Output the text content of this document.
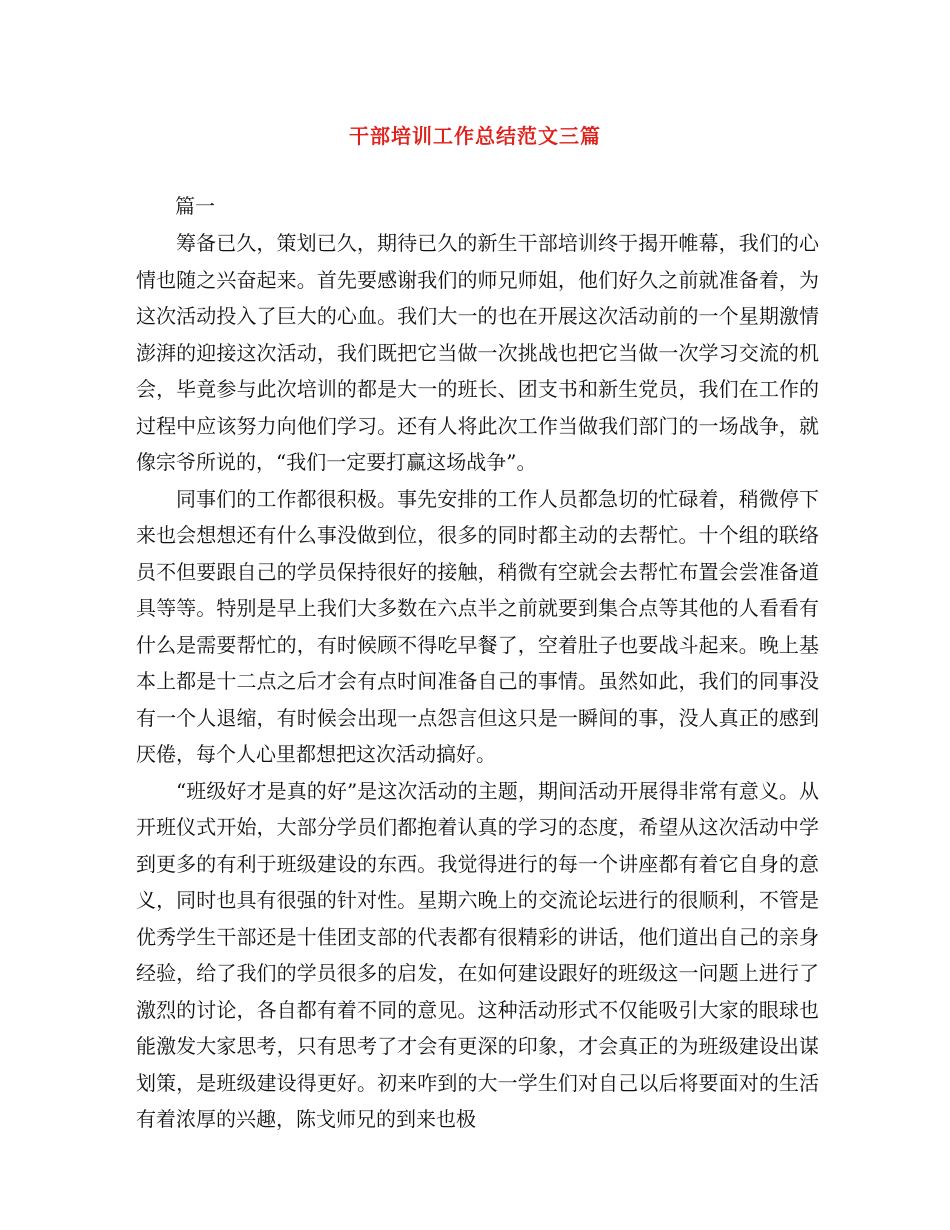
干部培训工作总结范文三篇
篇一

筹备已久，策划已久，期待已久的新生干部培训终于揭开帷幕，我们的心情也随之兴奋起来。首先要感谢我们的师兄师姐，他们好久之前就准备着，为这次活动投入了巨大的心血。我们大一的也在开展这次活动前的一个星期激情澎湃的迎接这次活动，我们既把它当做一次挑战也把它当做一次学习交流的机会，毕竟参与此次培训的都是大一的班长、团支书和新生党员，我们在工作的过程中应该努力向他们学习。还有人将此次工作当做我们部门的一场战争，就像宗爷所说的，“我们一定要打赢这场战争”。

同事们的工作都很积极。事先安排的工作人员都急切的忙碌着，稍微停下来也会想想还有什么事没做到位，很多的同时都主动的去帮忙。十个组的联络员不但要跟自己的学员保持很好的接触，稍微有空就会去帮忙布置会尝准备道具等等。特别是早上我们大多数在六点半之前就要到集合点等其他的人看看有什么是需要帮忙的，有时候顾不得吃早餐了，空着肚子也要战斗起来。晚上基本上都是十二点之后才会有点时间准备自己的事情。虽然如此，我们的同事没有一个人退缩，有时候会出现一点怨言但这只是一瞬间的事，没人真正的感到厌倦，每个人心里都想把这次活动搞好。

“班级好才是真的好”是这次活动的主题，期间活动开展得非常有意义。从开班仪式开始，大部分学员们都抱着认真的学习的态度，希望从这次活动中学到更多的有利于班级建设的东西。我觉得进行的每一个讲座都有着它自身的意义，同时也具有很强的针对性。星期六晚上的交流论坛进行的很顺利，不管是优秀学生干部还是十佳团支部的代表都有很精彩的讲话，他们道出自己的亲身经验，给了我们的学员很多的启发，在如何建设跟好的班级这一问题上进行了激烈的讨论，各自都有着不同的意见。这种活动形式不仅能吸引大家的眼球也能激发大家思考，只有思考了才会有更深的印象，才会真正的为班级建设出谋划策，是班级建设得更好。初来咋到的大一学生们对自己以后将要面对的生活有着浓厚的兴趣，陈戈师兄的到来也极
